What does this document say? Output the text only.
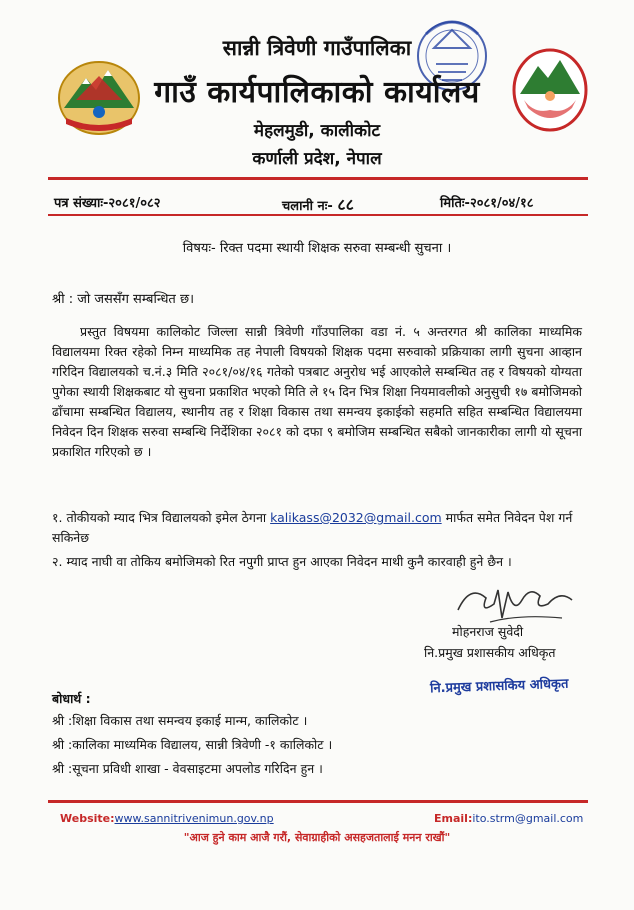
सान्नी त्रिवेणी गाउँपालिका
गाउँ कार्यपालिकाको कार्यालय
मेहलमुडी, कालीकोट
कर्णाली प्रदेश, नेपाल
पत्र संख्याः-२०८१/०८२	चलानी नः- ८८	मितिः-२०८१/०४/१८
विषयः- रिक्त पदमा स्थायी शिक्षक सरुवा सम्बन्धी सुचना ।
श्री : जो जससँग सम्बन्धित छ।

प्रस्तुत विषयमा कालिकोट जिल्ला सान्नी त्रिवेणी गाँउपालिका वडा नं. ५ अन्तरगत श्री कालिका माध्यमिक विद्यालयमा रिक्त रहेको निम्न माध्यमिक तह नेपाली विषयको शिक्षक पदमा सरुवाको प्रक्रियाका लागी सुचना आव्हान गरिदिन विद्यालयको च.नं.३ मिति २०८१/०४/१६ गतेको पत्रबाट अनुरोध भई आएकोले सम्बन्धित तह र विषयको योग्यता पुगेका स्थायी शिक्षकबाट यो सुचना प्रकाशित भएको मिति ले १५ दिन भित्र शिक्षा नियमावलीको अनुसुची १७ बमोजिमको ढाँचामा सम्बन्धित विद्यालय, स्थानीय तह र शिक्षा विकास तथा समन्वय इकाईको सहमति सहित सम्बन्धित विद्यालयमा निवेदन दिन शिक्षक सरुवा सम्बन्धि निर्देशिका २०८१ को दफा ९ बमोजिम सम्बन्धित सबैको जानकारीका लागी यो सूचना प्रकाशित गरिएको छ ।

१. तोकीयको म्याद भित्र विद्यालयको इमेल ठेगना kalikass@2032@gmail.com मार्फत समेत निवेदन पेश गर्न सकिनेछ

२. म्याद नाघी वा तोकिय बमोजिमको रित नपुगी प्राप्त हुन आएका निवेदन माथी कुनै कारवाही हुने छैन ।

मोहनराज सुवेदी
नि.प्रमुख प्रशासकीय अधिकृत
नि.प्रमुख प्रशासकिय अधिकृत
बोधार्थ :
श्री :शिक्षा विकास तथा समन्वय इकाई मान्म, कालिकोट ।
श्री :कालिका माध्यमिक विद्यालय, सान्नी त्रिवेणी -१ कालिकोट ।
श्री :सूचना प्रविधी शाखा - वेवसाइटमा अपलोड गरिदिन हुन ।
Website:www.sannitrivenimun.gov.np	Email:ito.strm@gmail.com
"आज हुने काम आजै गरौं, सेवाग्राहीको असहजतालाई मनन राखौं"
